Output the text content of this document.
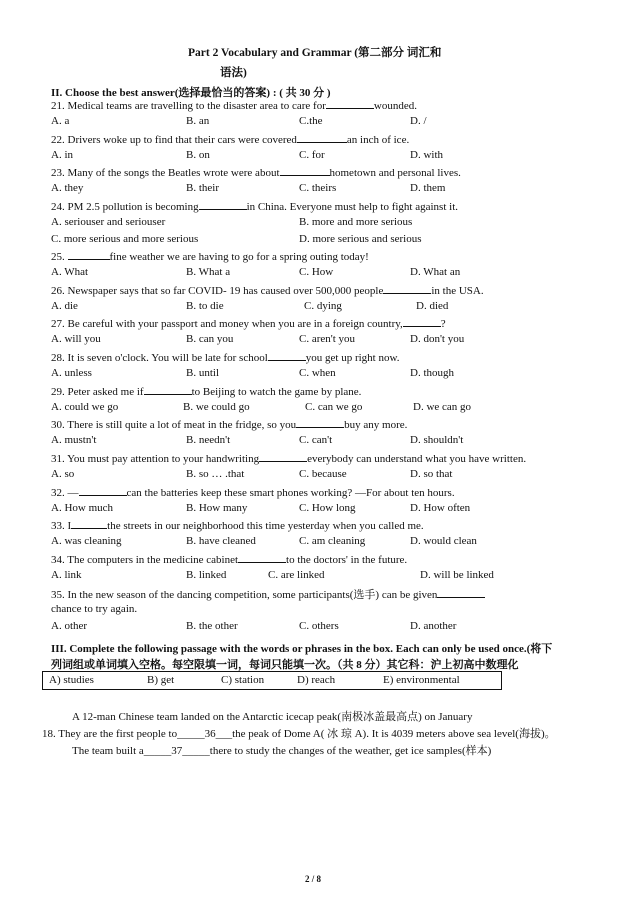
Part 2 Vocabulary and Grammar (第二部分 词汇和
语法)
II. Choose the best answer(选择最恰当的答案) : ( 共 30 分 )
21. Medical teams are travelling to the disaster area to care for	wounded.
A. a	B. an	C.the	D. /
22. Drivers woke up to find that their cars were covered	an inch of ice.
A. in	B. on	C. for	D. with
23. Many of the songs the Beatles wrote were about	hometown and personal lives.
A. they	B. their	C. theirs	D. them
24. PM 2.5 pollution is becoming	in China. Everyone must help to fight against it.
A. seriouser and seriouser	B. more and more serious
C. more serious and more serious	D. more serious and serious
25.	fine weather we are having to go for a spring outing today!
A. What	B. What a	C. How	D. What an
26. Newspaper says that so far COVID- 19 has caused over 500,000 people	in the USA.
A. die	B. to die	C. dying	D. died
27. Be careful with your passport and money when you are in a foreign country,	?
A. will you	B. can you	C. aren't you	D. don't you
28. It is seven o'clock. You will be late for school	you get up right now.
A. unless	B. until	C. when	D. though
29. Peter asked me if	to Beijing to watch the game by plane.
A. could we go	B. we could go	C. can we go	D. we can go
30. There is still quite a lot of meat in the fridge, so you	buy any more.
A. mustn't	B. needn't	C. can't	D. shouldn't
31. You must pay attention to your handwriting	everybody can understand what you have written.
A. so	B. so … .that	C. because	D. so that
32. —	can the batteries keep these smart phones working? —For about ten hours.
A. How much	B. How many	C. How long	D. How often
33. I	the streets in our neighborhood this time yesterday when you called me.
A. was cleaning	B. have cleaned	C. am cleaning	D. would clean
34. The computers in the medicine cabinet	to the doctors' in the future.
A. link	B. linked	C. are linked	D. will be linked
35. In the new season of the dancing competition, some participants(选手) can be given
chance to try again.
A. other	B. the other	C. others	D. another
III. Complete the following passage with the words or phrases in the box. Each can only be used once.(将下
列词组或单词填入空格。每空限填一词，每词只能填一次。（共 8 分）其它科：沪上初高中数理化
A) studies	B) get	C) station	D) reach	E) environmental
A 12-man Chinese team landed on the Antarctic icecap peak(南极冰盖最高点) on January
18. They are the first people to_____36___the peak of Dome A( 冰 琼 A). It is 4039 meters above sea level(海拔)。
The team built a_____37_____there to study the changes of the weather, get ice samples(样本)
2 / 8
